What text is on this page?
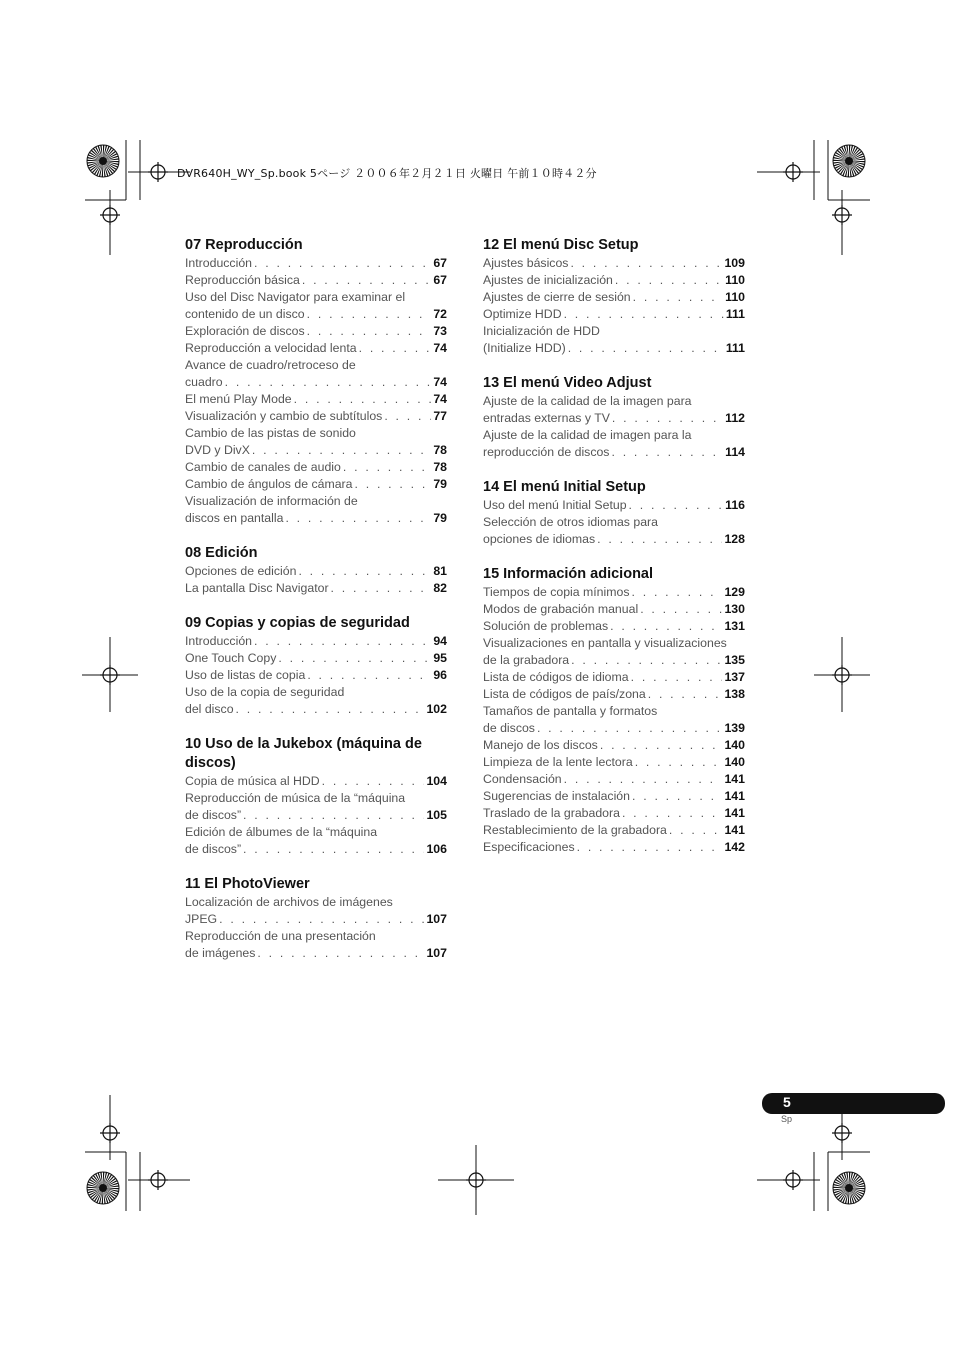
DVR640H_WY_Sp.book 5ページ ２００６年２月２１日 火曜日 午前１０時４２分
07 Reproducción
Introducción . . .	67
Reproducción básica . . .	67
Uso del Disc Navigator para examinar el
contenido de un disco . . .	72
Exploración de discos . . .	73
Reproducción a velocidad lenta . . .	74
Avance de cuadro/retroceso de
cuadro . . .	74
El menú Play Mode . . .	74
Visualización y cambio de subtítulos . . .	77
Cambio de las pistas de sonido
DVD y DivX . . .	78
Cambio de canales de audio . . .	78
Cambio de ángulos de cámara . . .	79
Visualización de información de
discos en pantalla . . .	79
08 Edición
Opciones de edición . . .	81
La pantalla Disc Navigator . . .	82
09 Copias y copias de seguridad
Introducción . . .	94
One Touch Copy . . .	95
Uso de listas de copia . . .	96
Uso de la copia de seguridad
del disco . . .	102
10 Uso de la Jukebox (máquina de discos)
Copia de música al HDD . . .	104
Reproducción de música de la “máquina
de discos” . . .	105
Edición de álbumes de la “máquina
de discos” . . .	106
11 El PhotoViewer
Localización de archivos de imágenes
JPEG . . .	107
Reproducción de una presentación
de imágenes . . .	107
12 El menú Disc Setup
Ajustes básicos . . .	109
Ajustes de inicialización . . .	110
Ajustes de cierre de sesión . . .	110
Optimize HDD . . .	111
Inicialización de HDD
(Initialize HDD) . . .	111
13 El menú Video Adjust
Ajuste de la calidad de la imagen para
entradas externas y TV . . .	112
Ajuste de la calidad de imagen para la
reproducción de discos . . .	114
14 El menú Initial Setup
Uso del menú Initial Setup . . .	116
Selección de otros idiomas para
opciones de idiomas . . .	128
15 Información adicional
Tiempos de copia mínimos . . .	129
Modos de grabación manual . . .	130
Solución de problemas . . .	131
Visualizaciones en pantalla y visualizaciones
de la grabadora . . .	135
Lista de códigos de idioma . . .	137
Lista de códigos de país/zona . . .	138
Tamaños de pantalla y formatos
de discos . . .	139
Manejo de los discos . . .	140
Limpieza de la lente lectora . . .	140
Condensación . . .	141
Sugerencias de instalación . . .	141
Traslado de la grabadora . . .	141
Restablecimiento de la grabadora . . .	141
Especificaciones . . .	142
5
Sp
